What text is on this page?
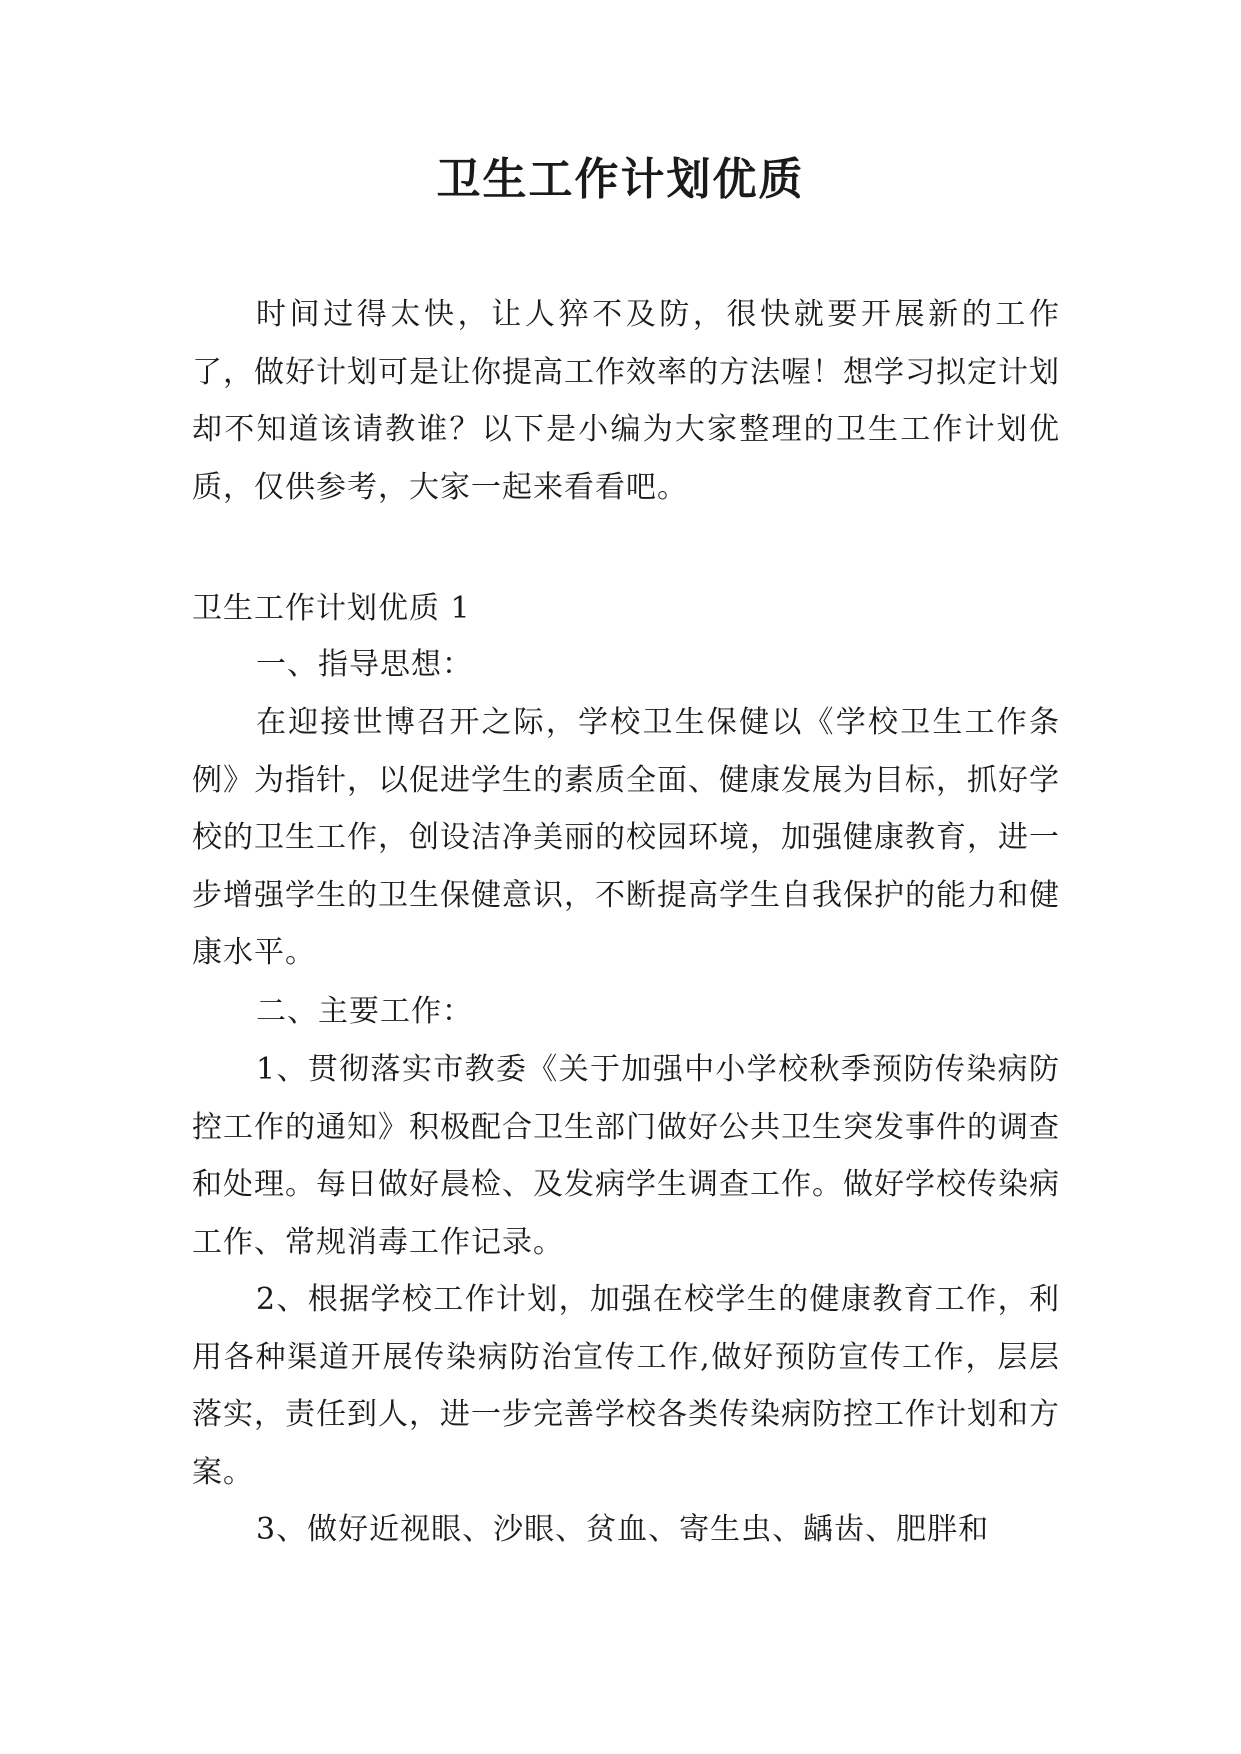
卫生工作计划优质

时间过得太快，让人猝不及防，很快就要开展新的工作了，做好计划可是让你提高工作效率的方法喔！想学习拟定计划却不知道该请教谁？以下是小编为大家整理的卫生工作计划优质，仅供参考，大家一起来看看吧。

卫生工作计划优质 1

一、指导思想：

在迎接世博召开之际，学校卫生保健以《学校卫生工作条例》为指针，以促进学生的素质全面、健康发展为目标，抓好学校的卫生工作，创设洁净美丽的校园环境，加强健康教育，进一步增强学生的卫生保健意识，不断提高学生自我保护的能力和健康水平。

二、主要工作：

1、贯彻落实市教委《关于加强中小学校秋季预防传染病防控工作的通知》积极配合卫生部门做好公共卫生突发事件的调查和处理。每日做好晨检、及发病学生调查工作。做好学校传染病工作、常规消毒工作记录。

2、根据学校工作计划，加强在校学生的健康教育工作，利用各种渠道开展传染病防治宣传工作,做好预防宣传工作，层层落实，责任到人，进一步完善学校各类传染病防控工作计划和方案。

3、做好近视眼、沙眼、贫血、寄生虫、龋齿、肥胖和
